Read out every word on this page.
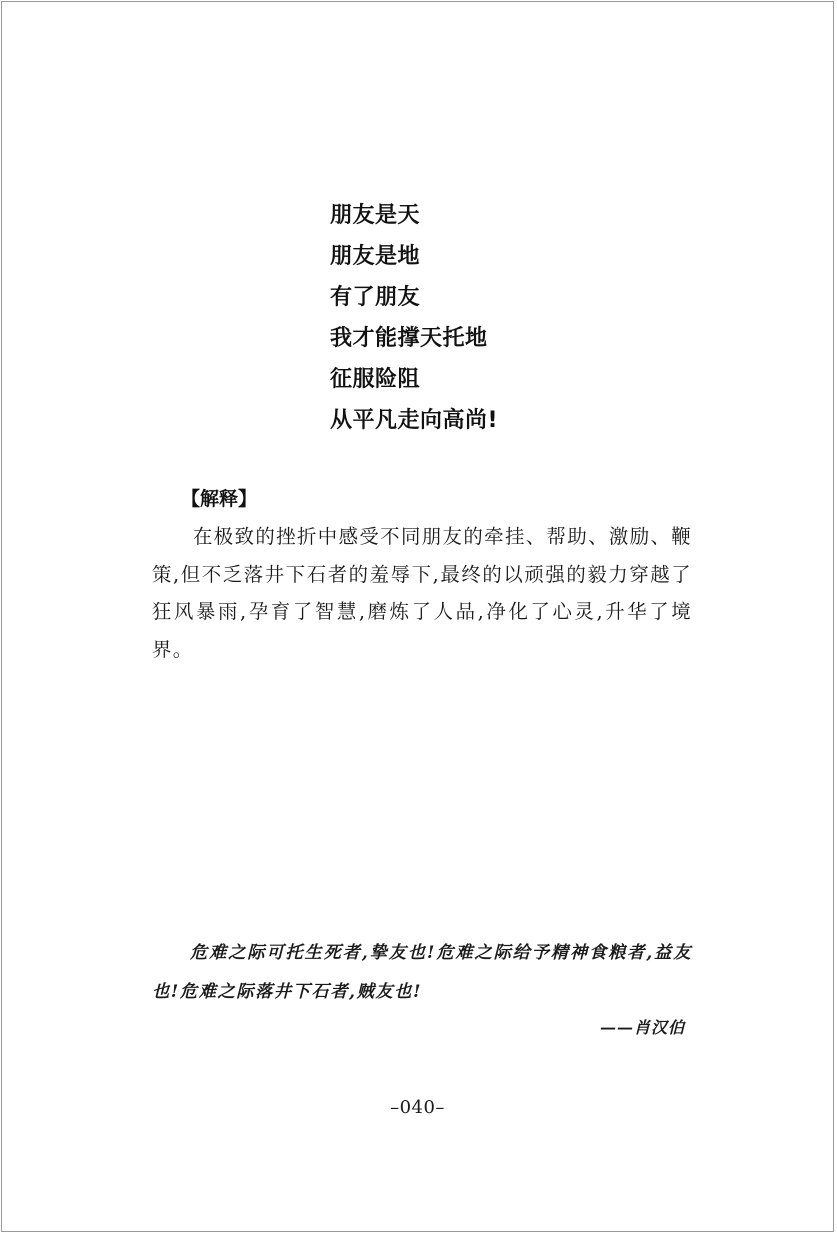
朋友是天
朋友是地
有了朋友
我才能撑天托地
征服险阻
从平凡走向高尚!
【解释】

在极致的挫折中感受不同朋友的牵挂、帮助、激励、鞭策,但不乏落井下石者的羞辱下,最终的以顽强的毅力穿越了狂风暴雨,孕育了智慧,磨炼了人品,净化了心灵,升华了境界。

危难之际可托生死者,挚友也!危难之际给予精神食粮者,益友也!危难之际落井下石者,贼友也!

——肖汉伯
–040–
